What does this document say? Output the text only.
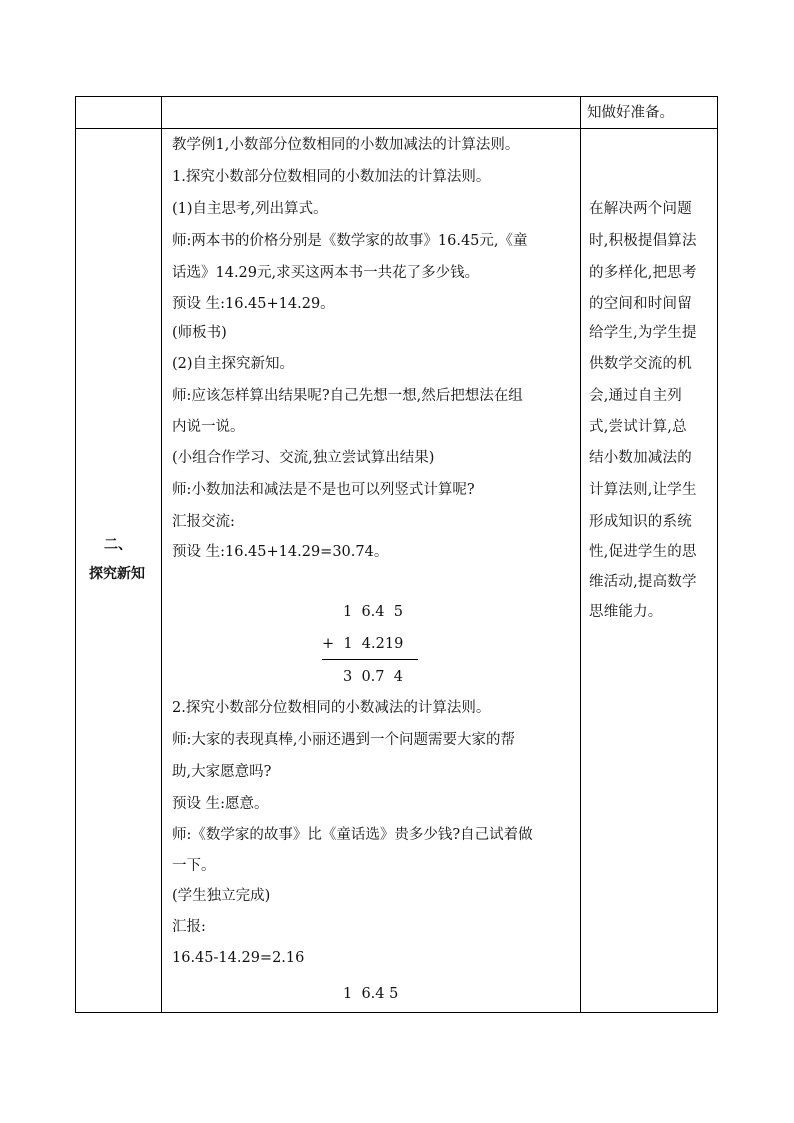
知做好准备。
二、
探究新知
教学例1,小数部分位数相同的小数加减法的计算法则。
1.探究小数部分位数相同的小数加法的计算法则。
(1)自主思考,列出算式。
师:两本书的价格分别是《数学家的故事》16.45元,《童
话选》14.29元,求买这两本书一共花了多少钱。
预设 生:16.45+14.29。
(师板书)
(2)自主探究新知。
师:应该怎样算出结果呢?自己先想一想,然后把想法在组
内说一说。
(小组合作学习、交流,独立尝试算出结果)
师:小数加法和减法是不是也可以列竖式计算呢?
汇报交流:
预设 生:16.45+14.29=30.74。
1  6.4  5
+  1  4.219
3  0.7  4
2.探究小数部分位数相同的小数减法的计算法则。
师:大家的表现真棒,小丽还遇到一个问题需要大家的帮
助,大家愿意吗?
预设 生:愿意。
师:《数学家的故事》比《童话选》贵多少钱?自己试着做
一下。
(学生独立完成)
汇报:
16.45-14.29=2.16
1  6.4 5
在解决两个问题
时,积极提倡算法
的多样化,把思考
的空间和时间留
给学生,为学生提
供数学交流的机
会,通过自主列
式,尝试计算,总
结小数加减法的
计算法则,让学生
形成知识的系统
性,促进学生的思
维活动,提高数学
思维能力。
